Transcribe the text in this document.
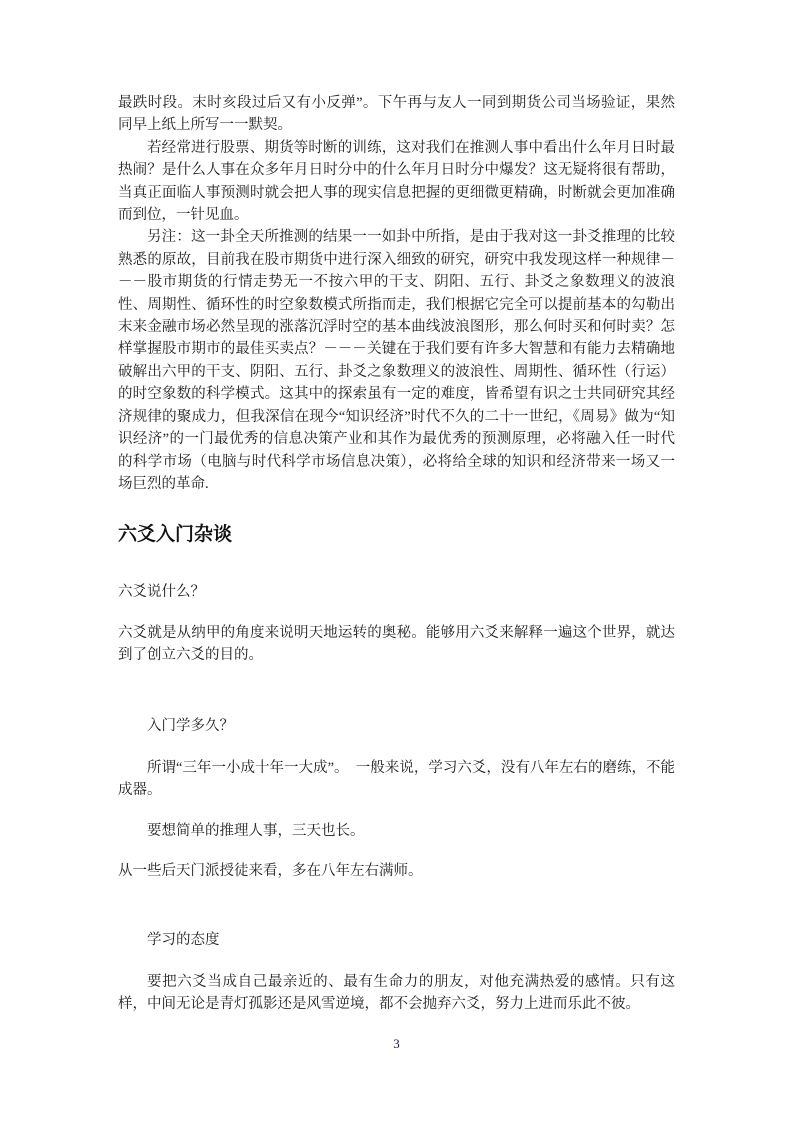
最跌时段。末时亥段过后又有小反弹”。下午再与友人一同到期货公司当场验证，果然同早上纸上所写一一默契。

若经常进行股票、期货等时断的训练，这对我们在推测人事中看出什么年月日时最热闹？是什么人事在众多年月日时分中的什么年月日时分中爆发？这无疑将很有帮助，当真正面临人事预测时就会把人事的现实信息把握的更细微更精确，时断就会更加准确而到位，一针见血。

另注：这一卦全天所推测的结果一一如卦中所指，是由于我对这一卦爻推理的比较熟悉的原故，目前我在股市期货中进行深入细致的研究，研究中我发现这样一种规律－－－股市期货的行情走势无一不按六甲的干支、阴阳、五行、卦爻之象数理义的波浪性、周期性、循环性的时空象数模式所指而走，我们根据它完全可以提前基本的勾勒出末来金融市场必然呈现的涨落沉浮时空的基本曲线波浪图形，那么何时买和何时卖？怎样掌握股市期市的最佳买卖点？－－－关键在于我们要有许多大智慧和有能力去精确地破解出六甲的干支、阴阳、五行、卦爻之象数理义的波浪性、周期性、循环性（行运）的时空象数的科学模式。这其中的探索虽有一定的难度，皆希望有识之士共同研究其经济规律的聚成力，但我深信在现今“知识经济”时代不久的二十一世纪，《周易》做为“知识经济”的一门最优秀的信息决策产业和其作为最优秀的预测原理，必将融入任一时代的科学市场（电脑与时代科学市场信息决策），必将给全球的知识和经济带来一场又一场巨烈的革命.

六爻入门杂谈

六爻说什么？

六爻就是从纳甲的角度来说明天地运转的奥秘。能够用六爻来解释一遍这个世界，就达到了创立六爻的目的。

入门学多久？

所谓“三年一小成十年一大成”。　一般来说，学习六爻，没有八年左右的磨练，不能成器。

要想简单的推理人事，三天也长。

从一些后天门派授徒来看，多在八年左右满师。

学习的态度

要把六爻当成自己最亲近的、最有生命力的朋友，对他充满热爱的感情。只有这样，中间无论是青灯孤影还是风雪逆境，都不会抛弃六爻，努力上进而乐此不彼。

3
